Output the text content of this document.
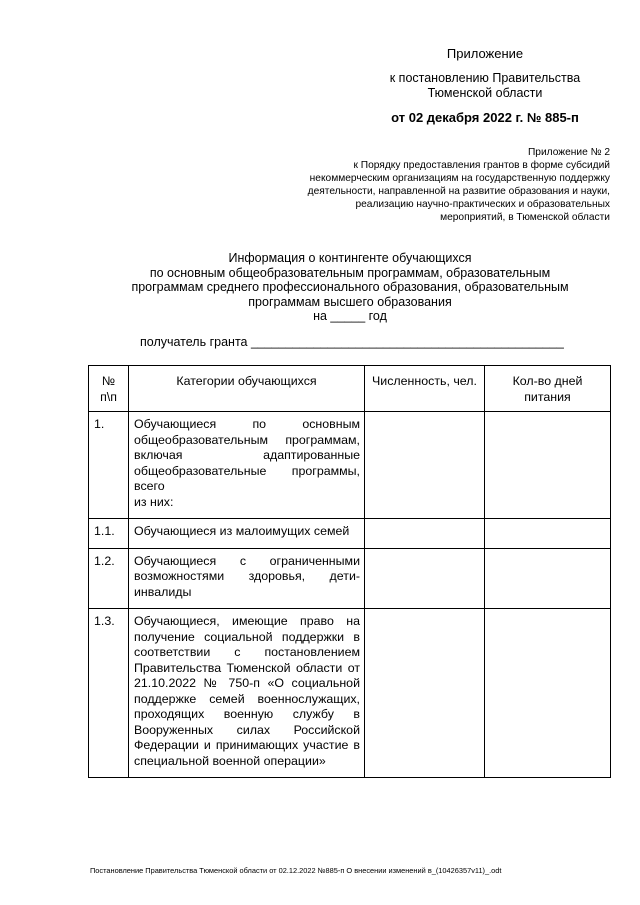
Приложение
к постановлению Правительства
Тюменской области
от 02 декабря 2022 г. № 885-п
Приложение № 2
к Порядку предоставления грантов в форме субсидий
некоммерческим организациям на государственную поддержку
деятельности, направленной на развитие образования и науки,
реализацию научно-практических и образовательных
мероприятий, в Тюменской области
Информация о контингенте обучающихся
по основным общеобразовательным программам, образовательным
программам среднего профессионального образования, образовательным
программам высшего образования
на _____ год
получатель гранта _____________________________________________
№ п\п	Категории обучающихся	Численность, чел.	Кол-во дней питания
1.	Обучающиеся по основным общеобразовательным программам, включая адаптированные общеобразовательные программы, всего
из них:		

1.1.	Обучающиеся из малоимущих семей		
1.2.	Обучающиеся с ограниченными возможностями здоровья, дети-инвалиды		
1.3.	Обучающиеся, имеющие право на получение социальной поддержки в соответствии с постановлением Правительства Тюменской области от 21.10.2022 № 750-п «О социальной поддержке семей военнослужащих, проходящих военную службу в Вооруженных силах Российской Федерации и принимающих участие в специальной военной операции»		
Постановление Правительства Тюменской области от 02.12.2022 №885-п О внесении изменений в_(10426357v11)_.odt
